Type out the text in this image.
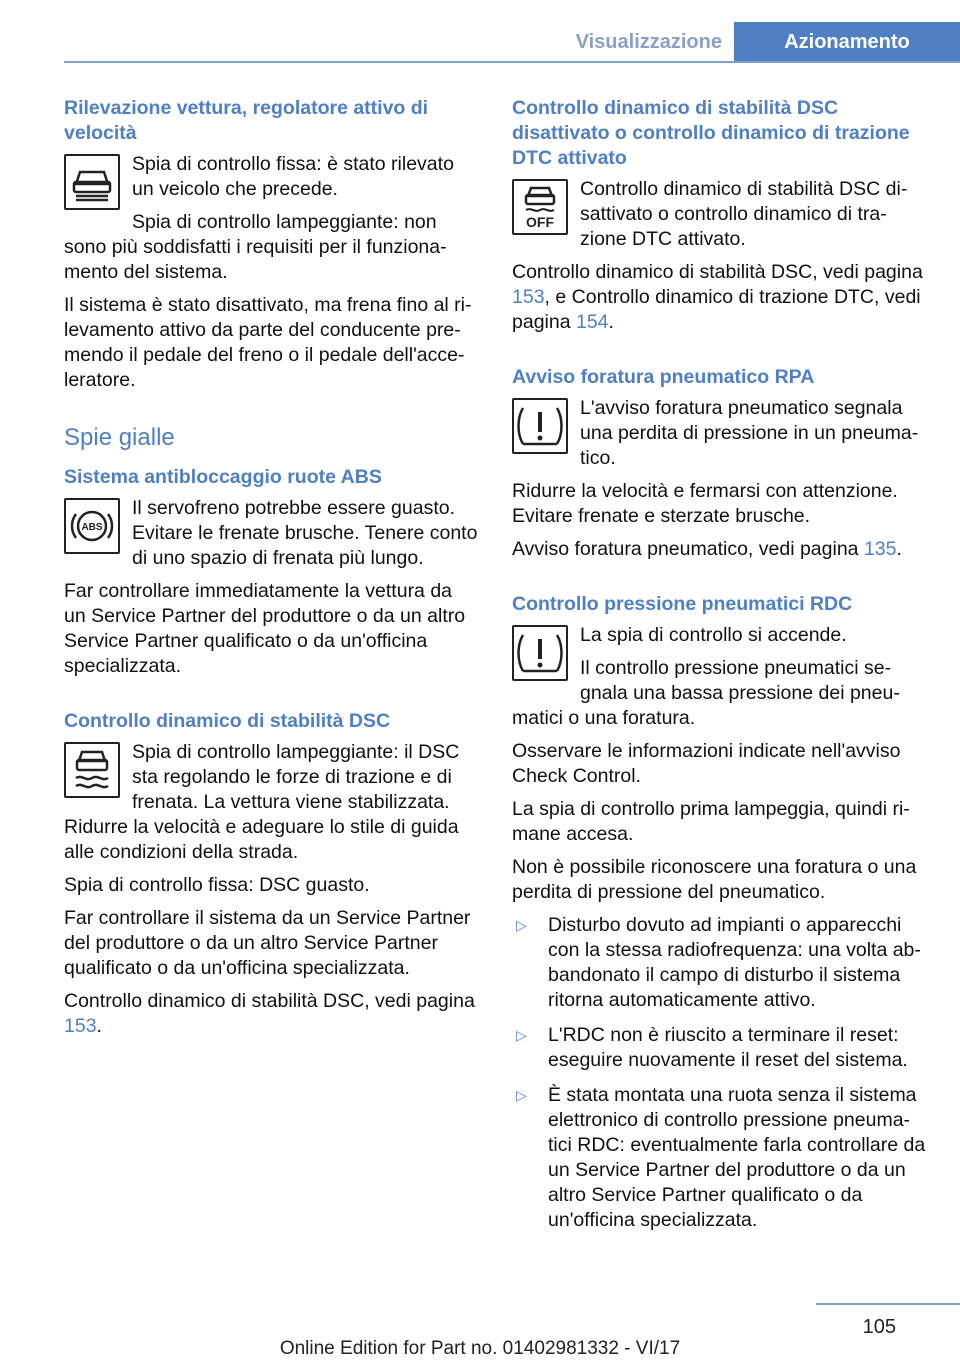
Visualizzazione	Azionamento
Rilevazione vettura, regolatore attivo di velocità

Spia di controllo fissa: è stato rilevato un veicolo che precede.

Spia di controllo lampeggiante: non sono più soddisfatti i requisiti per il funzionamento del sistema.

Il sistema è stato disattivato, ma frena fino al rilevamento attivo da parte del conducente premendo il pedale del freno o il pedale dell'acceleratore.

Spie gialle
Sistema antibloccaggio ruote ABS
ABS

Il servofreno potrebbe essere guasto. Evitare le frenate brusche. Tenere conto di uno spazio di frenata più lungo.

Far controllare immediatamente la vettura da un Service Partner del produttore o da un altro Service Partner qualificato o da un'officina specializzata.

Controllo dinamico di stabilità DSC

Spia di controllo lampeggiante: il DSC sta regolando le forze di trazione e di frenata. La vettura viene stabilizzata. Ridurre la velocità e adeguare lo stile di guida alle condizioni della strada.

Spia di controllo fissa: DSC guasto.

Far controllare il sistema da un Service Partner del produttore o da un altro Service Partner qualificato o da un'officina specializzata.

Controllo dinamico di stabilità DSC, vedi pagina 153.

Controllo dinamico di stabilità DSC disattivato o controllo dinamico di trazione DTC attivato
OFF

Controllo dinamico di stabilità DSC disattivato o controllo dinamico di trazione DTC attivato.

Controllo dinamico di stabilità DSC, vedi pagina 153, e Controllo dinamico di trazione DTC, vedi pagina 154.

Avviso foratura pneumatico RPA

L'avviso foratura pneumatico segnala una perdita di pressione in un pneumatico.

Ridurre la velocità e fermarsi con attenzione. Evitare frenate e sterzate brusche.

Avviso foratura pneumatico, vedi pagina 135.

Controllo pressione pneumatici RDC

La spia di controllo si accende.

Il controllo pressione pneumatici segnala una bassa pressione dei pneumatici o una foratura.

Osservare le informazioni indicate nell'avviso Check Control.

La spia di controllo prima lampeggia, quindi rimane accesa.

Non è possibile riconoscere una foratura o una perdita di pressione del pneumatico.

▷ Disturbo dovuto ad impianti o apparecchi con la stessa radiofrequenza: una volta abbandonato il campo di disturbo il sistema ritorna automaticamente attivo.
▷ L'RDC non è riuscito a terminare il reset: eseguire nuovamente il reset del sistema.
▷ È stata montata una ruota senza il sistema elettronico di controllo pressione pneumatici RDC: eventualmente farla controllare da un Service Partner del produttore o da un altro Service Partner qualificato o da un'officina specializzata.
105
Online Edition for Part no. 01402981332 - VI/17
